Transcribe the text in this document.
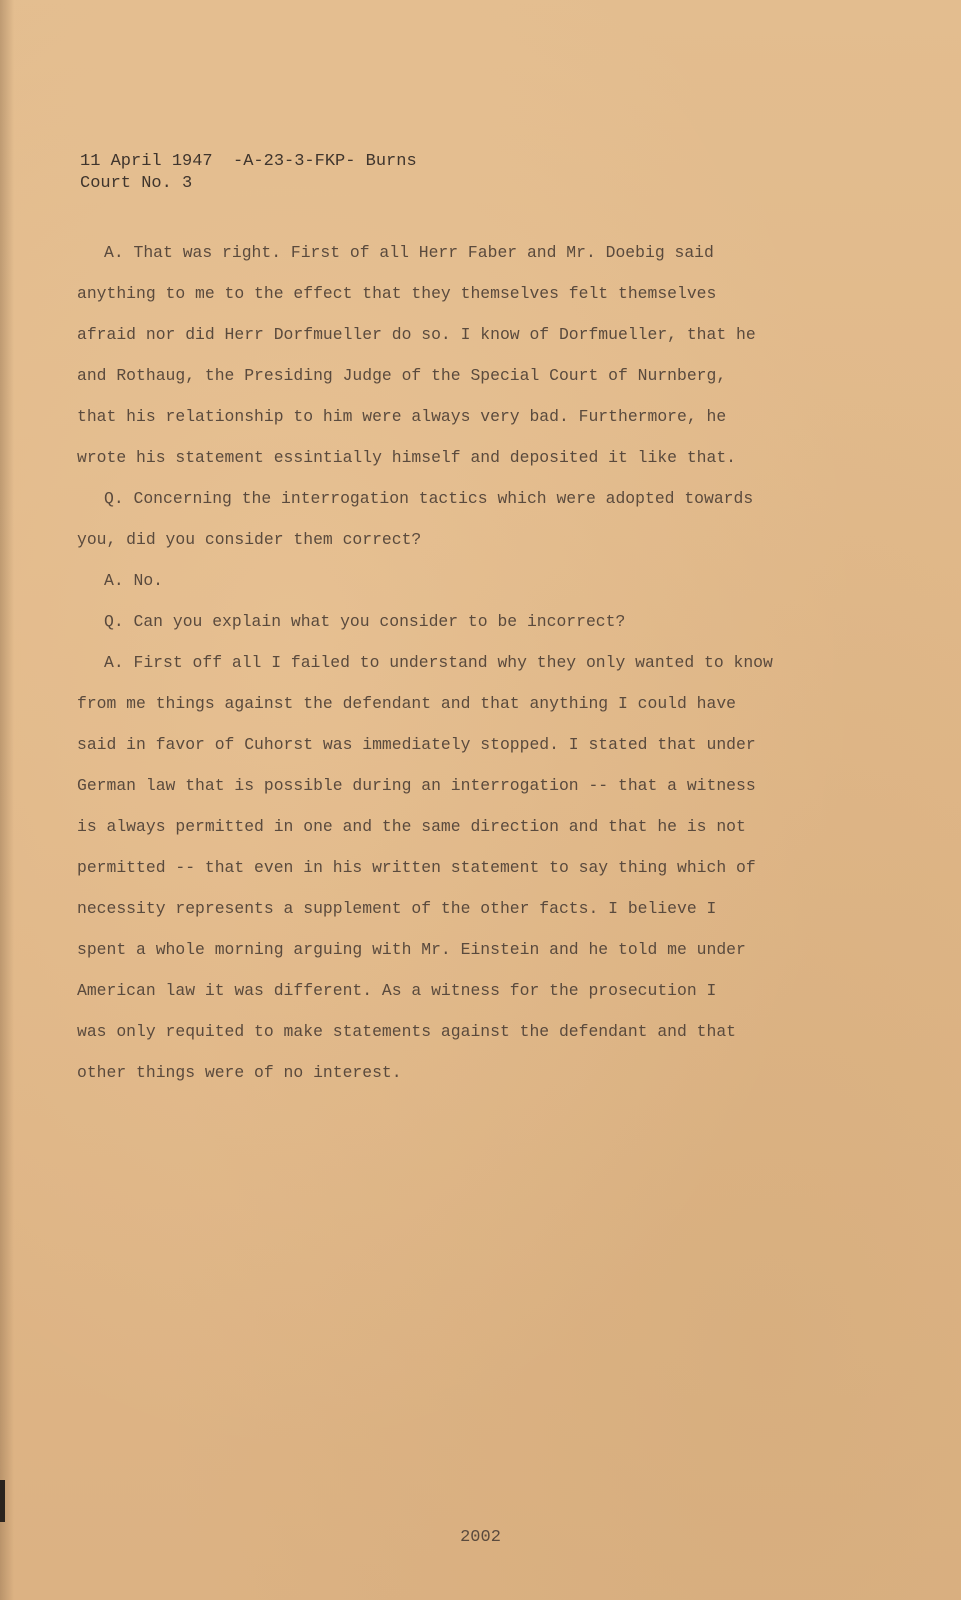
11 April 1947  -A-23-3-FKP- Burns
Court No. 3
A. That was right. First of all Herr Faber and Mr. Doebig said
anything to me to the effect that they themselves felt themselves
afraid nor did Herr Dorfmueller do so. I know of Dorfmueller, that he
and Rothaug, the Presiding Judge of the Special Court of Nurnberg,
that his relationship to him were always very bad. Furthermore, he
wrote his statement essintially himself and deposited it like that.
Q. Concerning the interrogation tactics which were adopted towards
you, did you consider them correct?
A. No.
Q. Can you explain what you consider to be incorrect?
A. First off all I failed to understand why they only wanted to know
from me things against the defendant and that anything I could have
said in favor of Cuhorst was immediately stopped. I stated that under
German law that is possible during an interrogation -- that a witness
is always permitted in one and the same direction and that he is not
permitted -- that even in his written statement to say thing which of
necessity represents a supplement of the other facts. I believe I
spent a whole morning arguing with Mr. Einstein and he told me under
American law it was different. As a witness for the prosecution I
was only requited to make statements against the defendant and that
other things were of no interest.
2002
